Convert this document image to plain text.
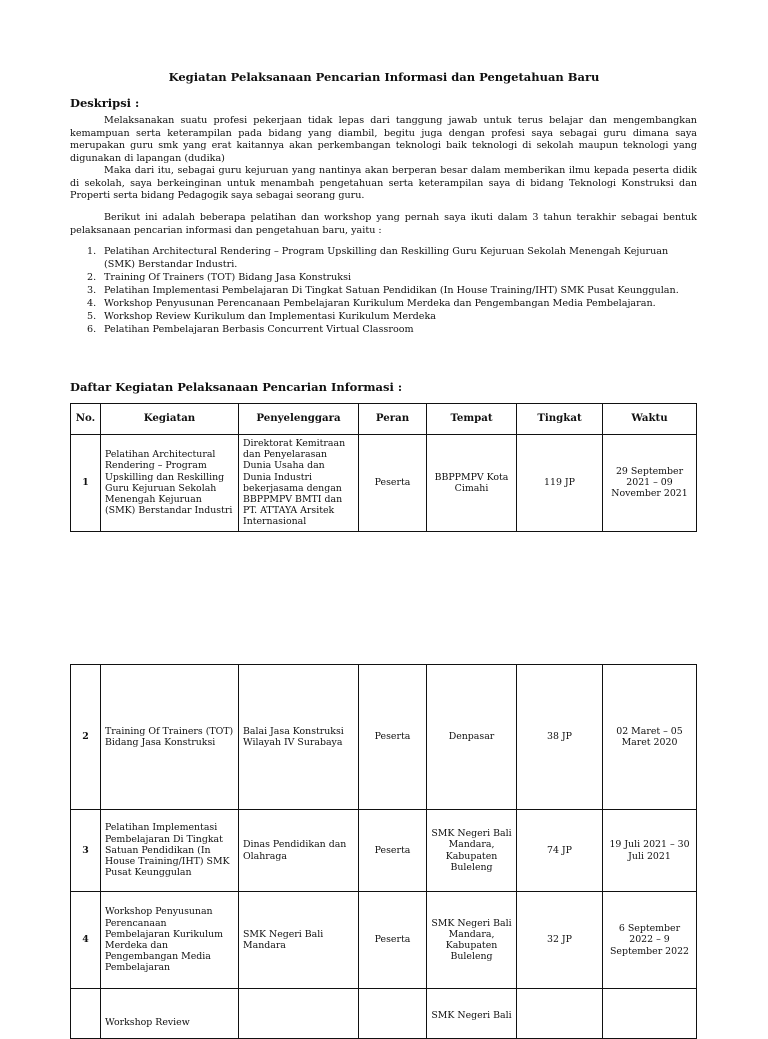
Kegiatan Pelaksanaan Pencarian Informasi dan Pengetahuan Baru
Deskripsi :

Melaksanakan suatu profesi pekerjaan tidak lepas dari tanggung jawab untuk terus belajar dan mengembangkan kemampuan serta keterampilan pada bidang yang diambil, begitu juga dengan profesi saya sebagai guru dimana saya merupakan guru smk yang erat kaitannya akan perkembangan teknologi baik teknologi di sekolah maupun teknologi yang digunakan di lapangan (dudika)

Maka dari itu, sebagai guru kejuruan yang nantinya akan berperan besar dalam memberikan ilmu kepada peserta didik di sekolah, saya berkeinginan untuk menambah pengetahuan serta keterampilan saya di bidang Teknologi Konstruksi dan Properti serta bidang Pedagogik saya sebagai seorang guru.

Berikut ini adalah beberapa pelatihan dan workshop yang pernah saya ikuti dalam 3 tahun terakhir sebagai bentuk pelaksanaan pencarian informasi dan pengetahuan baru, yaitu :

1. Pelatihan Architectural Rendering – Program Upskilling dan Reskilling Guru Kejuruan Sekolah Menengah Kejuruan (SMK) Berstandar Industri.
2. Training Of Trainers (TOT) Bidang Jasa Konstruksi
3. Pelatihan Implementasi Pembelajaran Di Tingkat Satuan Pendidikan (In House Training/IHT) SMK Pusat Keunggulan.
4. Workshop Penyusunan Perencanaan Pembelajaran Kurikulum Merdeka dan Pengembangan Media Pembelajaran.
5. Workshop Review Kurikulum dan Implementasi Kurikulum Merdeka
6. Pelatihan Pembelajaran Berbasis Concurrent Virtual Classroom
Daftar Kegiatan Pelaksanaan Pencarian Informasi :
No.	Kegiatan	Penyelenggara	Peran	Tempat	Tingkat	Waktu
1	Pelatihan Architectural Rendering – Program Upskilling dan Reskilling Guru Kejuruan Sekolah Menengah Kejuruan (SMK) Berstandar Industri	Direktorat Kemitraan dan Penyelarasan Dunia Usaha dan Dunia Industri bekerjasama dengan BBPPMPV BMTI dan PT. ATTAYA Arsitek Internasional	Peserta	BBPPMPV Kota Cimahi	119 JP	29 September 2021 – 09 November 2021
2	Training Of Trainers (TOT) Bidang Jasa Konstruksi	Balai Jasa Konstruksi Wilayah IV Surabaya	Peserta	Denpasar	38 JP	02 Maret – 05 Maret 2020
3	Pelatihan Implementasi Pembelajaran Di Tingkat Satuan Pendidikan (In House Training/IHT) SMK Pusat Keunggulan	Dinas Pendidikan dan Olahraga	Peserta	SMK Negeri Bali Mandara, Kabupaten Buleleng	74 JP	19 Juli 2021 – 30 Juli 2021
4	Workshop Penyusunan Perencanaan Pembelajaran Kurikulum Merdeka dan Pengembangan Media Pembelajaran	SMK Negeri Bali Mandara	Peserta	SMK Negeri Bali Mandara, Kabupaten Buleleng	32 JP	6 September 2022 – 9 September 2022
	Workshop Review			SMK Negeri Bali		
